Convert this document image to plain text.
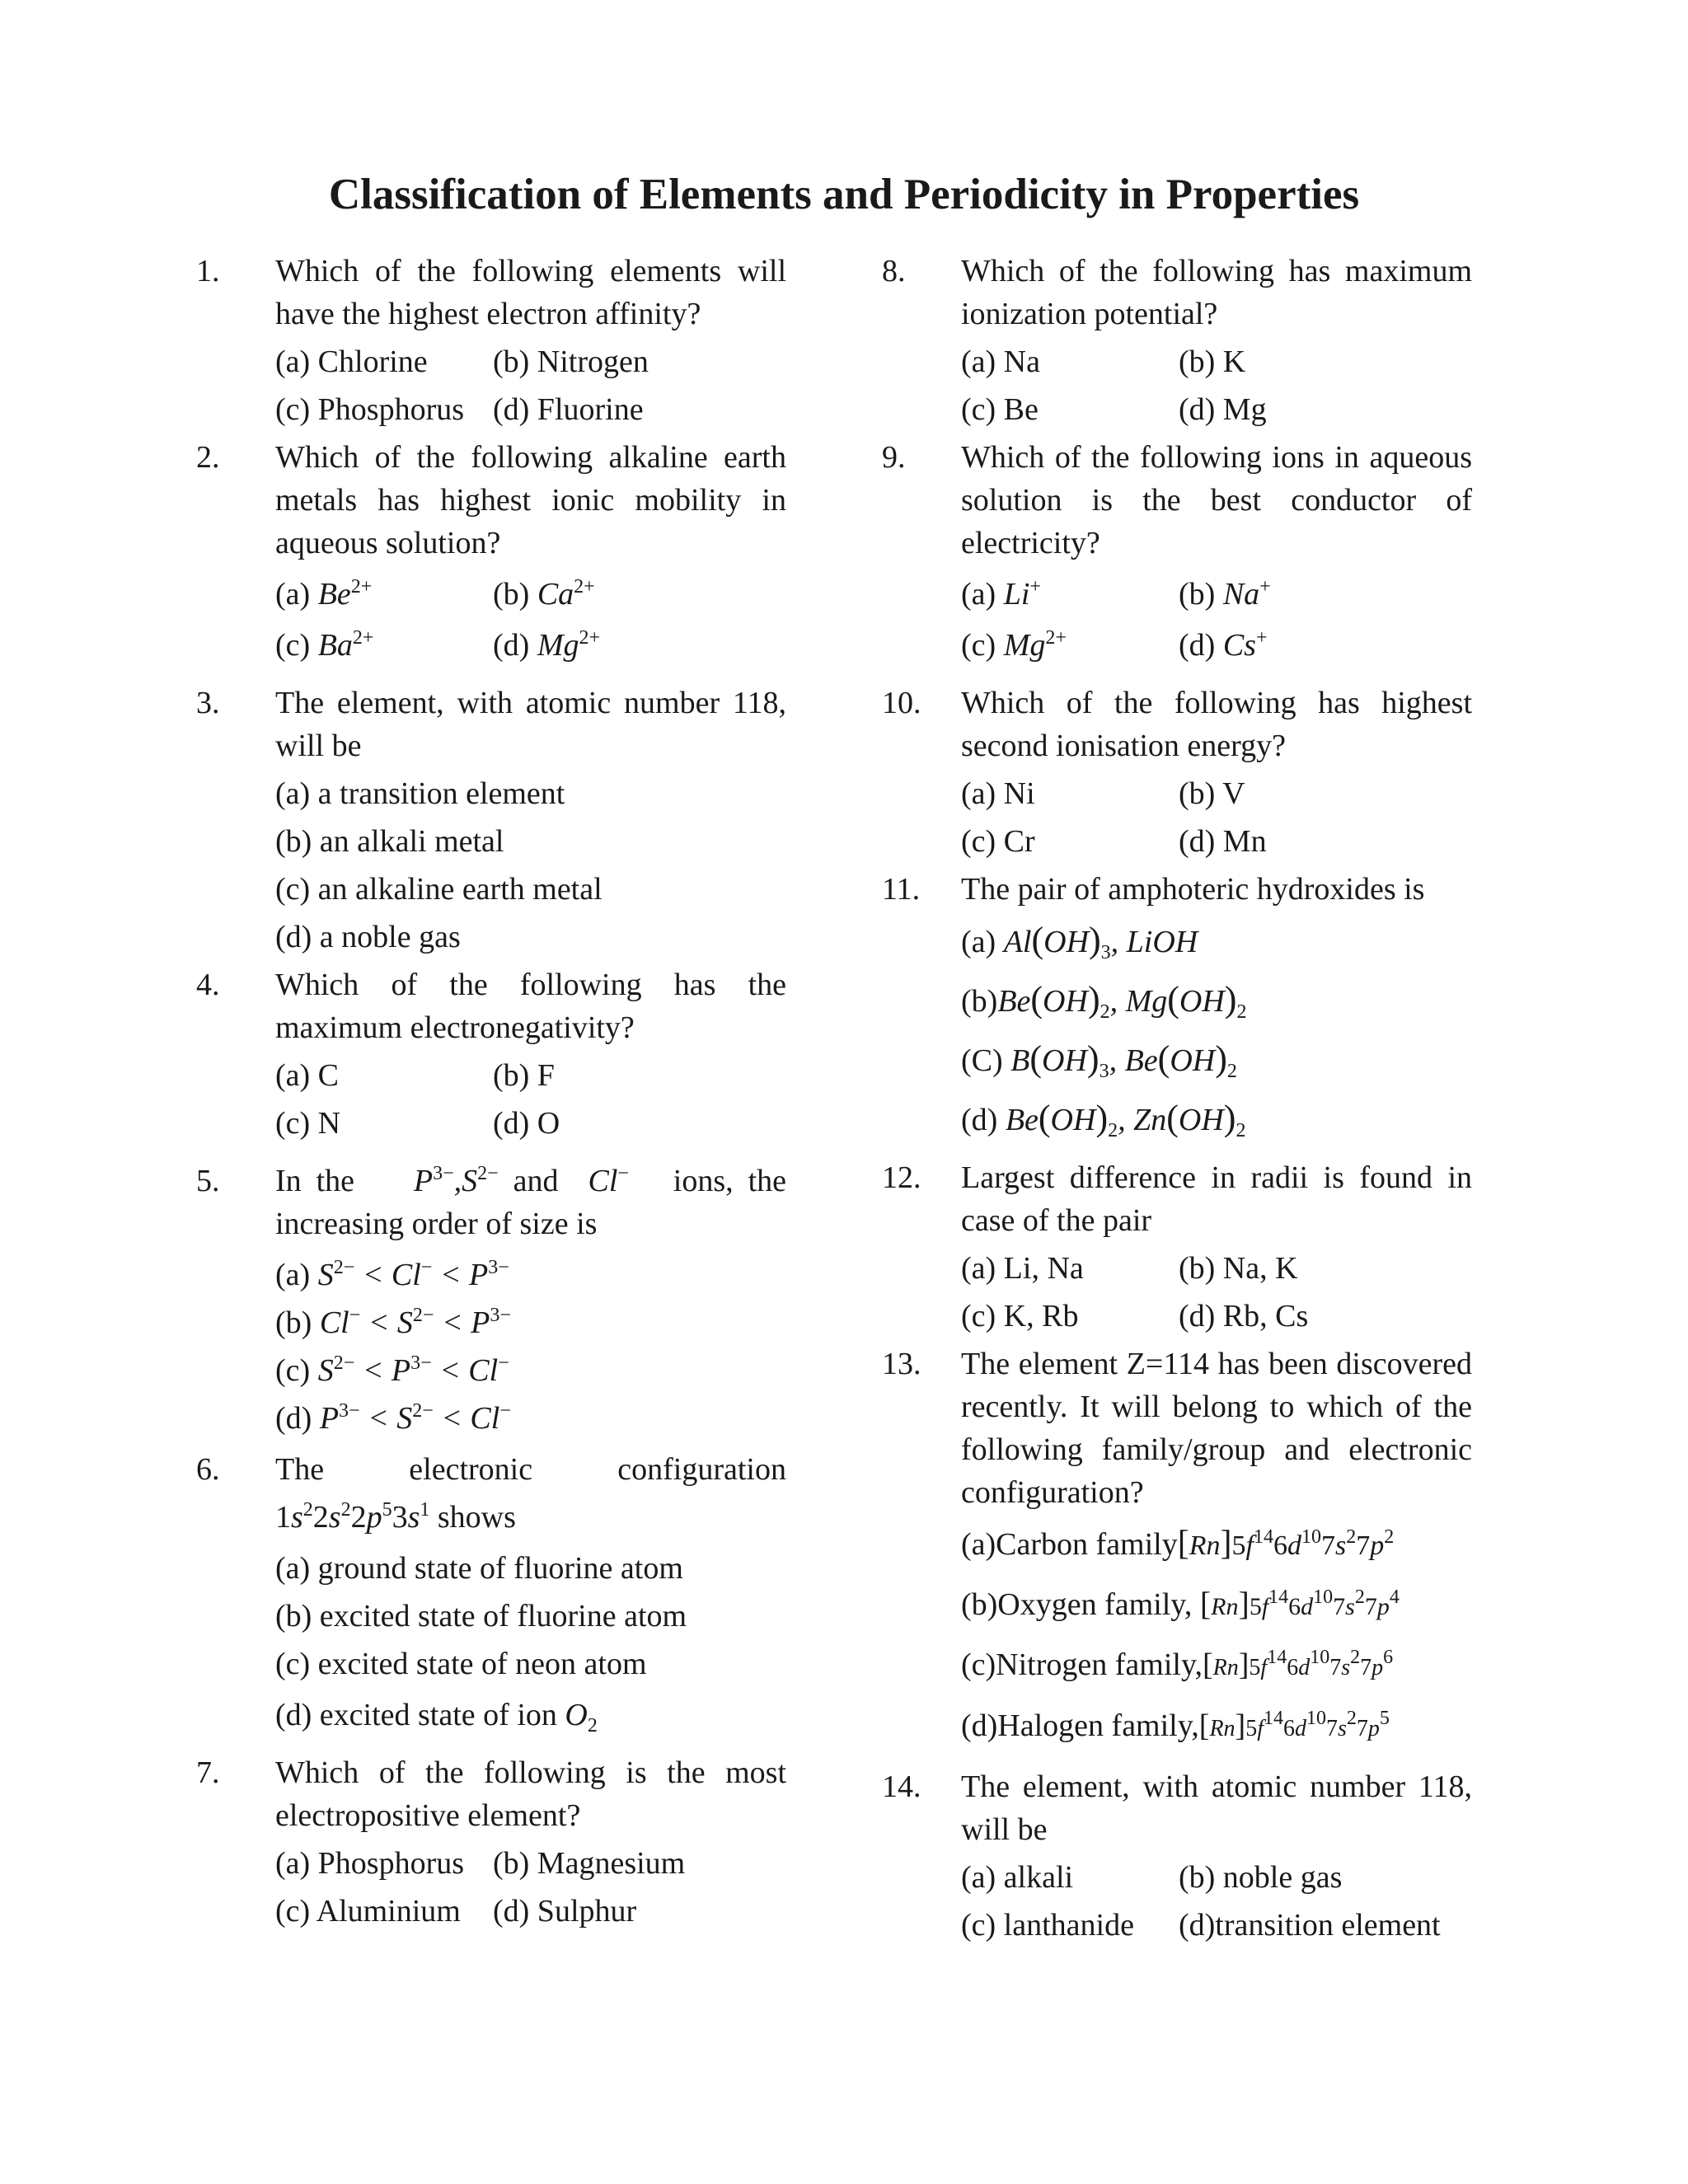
Classification of Elements and Periodicity in Properties
1. Which of the following elements will have the highest electron affinity?
(a) Chlorine	(b) Nitrogen
(c) Phosphorus (d) Fluorine
2. Which of the following alkaline earth metals has highest ionic mobility in aqueous solution?
(a) $Be^{2+}$	(b) $Ca^{2+}$
(c) $Ba^{2+}$	(d) $Mg^{2+}$
3. The element, with atomic number 118, will be
(a) a transition element
(b) an alkali metal
(c) an alkaline earth metal
(d) a noble gas
4. Which of the following has the maximum electronegativity?
(a) C	(b) F
(c) N	(d) O
5. In the $P^{3-},S^{2-}$ and Cl− ions, the increasing order of size is
(a) $S^{2-} < Cl^- < P^{3-}$
(b) $Cl^- < S^{2-} < P^{3-}$
(c) $S^{2-} < P^{3-} < Cl^-$
(d) $P^{3-} < S^{2-} < Cl^-$
6. The electronic configuration
$1s^22s^22p^53s^1$ shows
(a) ground state of fluorine atom
(b) excited state of fluorine atom
(c) excited state of neon atom
(d) excited state of ion $O_2$
7. Which of the following is the most electropositive element?
(a) Phosphorus (b) Magnesium
(c) Aluminium	(d) Sulphur
8. Which of the following has maximum ionization potential?
(a) Na	(b) K
(c) Be	(d) Mg
9. Which of the following ions in aqueous solution is the best conductor of electricity?
(a) Li+	(b) Na+
(c) $Mg^{2+}$	(d) Cs+
10. Which of the following has highest second ionisation energy?
(a) Ni	(b) V
(c) Cr	(d) Mn
11. The pair of amphoteric hydroxides is
(a) $Al(OH)_3$, LiOH
$(b)Be(OH)_2$, $Mg(OH)_2$
(C) $B(OH)_3$, $Be(OH)_2$
(d) $Be(OH)_2$, $Zn(OH)_2$
12. Largest difference in radii is found in case of the pair
(a) Li, Na	(b) Na, K
(c) K, Rb	(d) Rb, Cs
13. The element Z=114 has been discovered recently. It will belong to which of the following family/group and electronic configuration?
(a)Carbon $family[Rn]5f^{14}6d^{10}7s^27p^2$
(b)Oxygen family, $[Rn]5f^{14}6d^{10}7s^27p^4$
(c)Nitrogen $family,[Rn]5f^{14}6d^{10}7s^27p^6$
(d)Halogen $family,[Rn]5f^{14}6d^{10}7s^27p^5$
14. The element, with atomic number 118, will be
(a) alkali	(b) noble gas
(c) lanthanide	(d)transition element
